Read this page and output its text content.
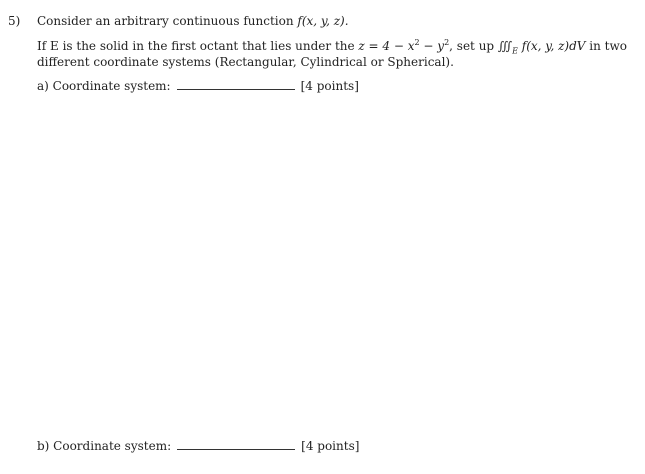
5) Consider an arbitrary continuous function f(x, y, z).
If E is the solid in the first octant that lies under the $z = 4 - x^2 - y^2$, set up $∭_E$ f(x, y, z)dV in two
different coordinate systems (Rectangular, Cylindrical or Spherical).
a) Coordinate system:	[4 points]
b) Coordinate system:	[4 points]
